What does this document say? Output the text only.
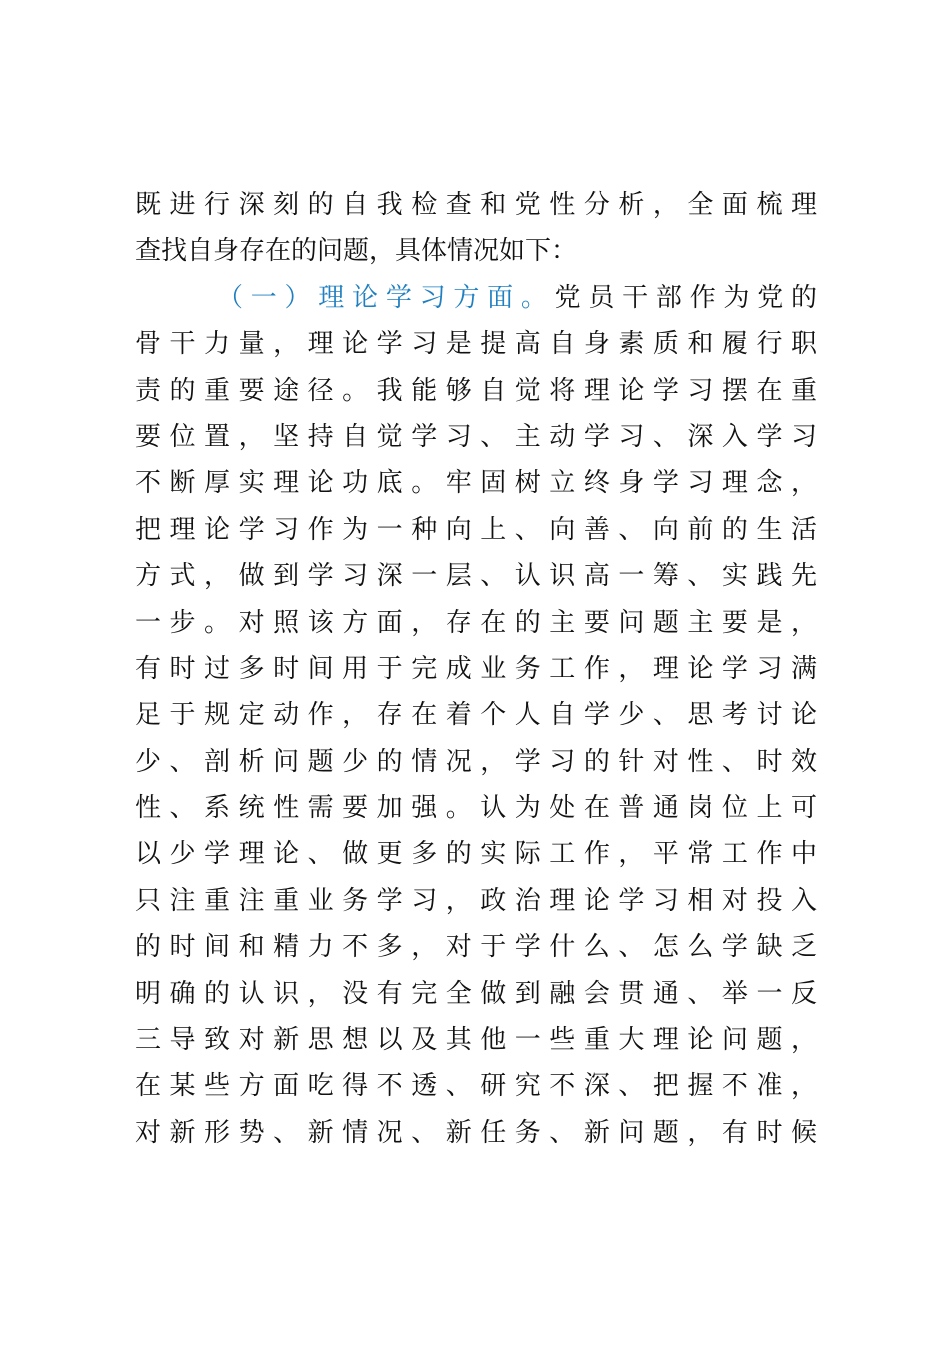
既进行深刻的自我检查和党性分析，全面梳理
查找自身存在的问题，具体情况如下：
（一）理论学习方面。党员干部作为党的
骨干力量，理论学习是提高自身素质和履行职
责的重要途径。我能够自觉将理论学习摆在重
要位置，坚持自觉学习、主动学习、深入学习
不断厚实理论功底。牢固树立终身学习理念，
把理论学习作为一种向上、向善、向前的生活
方式，做到学习深一层、认识高一筹、实践先
一步。对照该方面，存在的主要问题主要是，
有时过多时间用于完成业务工作，理论学习满
足于规定动作，存在着个人自学少、思考讨论
少、剖析问题少的情况，学习的针对性、时效
性、系统性需要加强。认为处在普通岗位上可
以少学理论、做更多的实际工作，平常工作中
只注重注重业务学习，政治理论学习相对投入
的时间和精力不多，对于学什么、怎么学缺乏
明确的认识，没有完全做到融会贯通、举一反
三导致对新思想以及其他一些重大理论问题，
在某些方面吃得不透、研究不深、把握不准，
对新形势、新情况、新任务、新问题，有时候
